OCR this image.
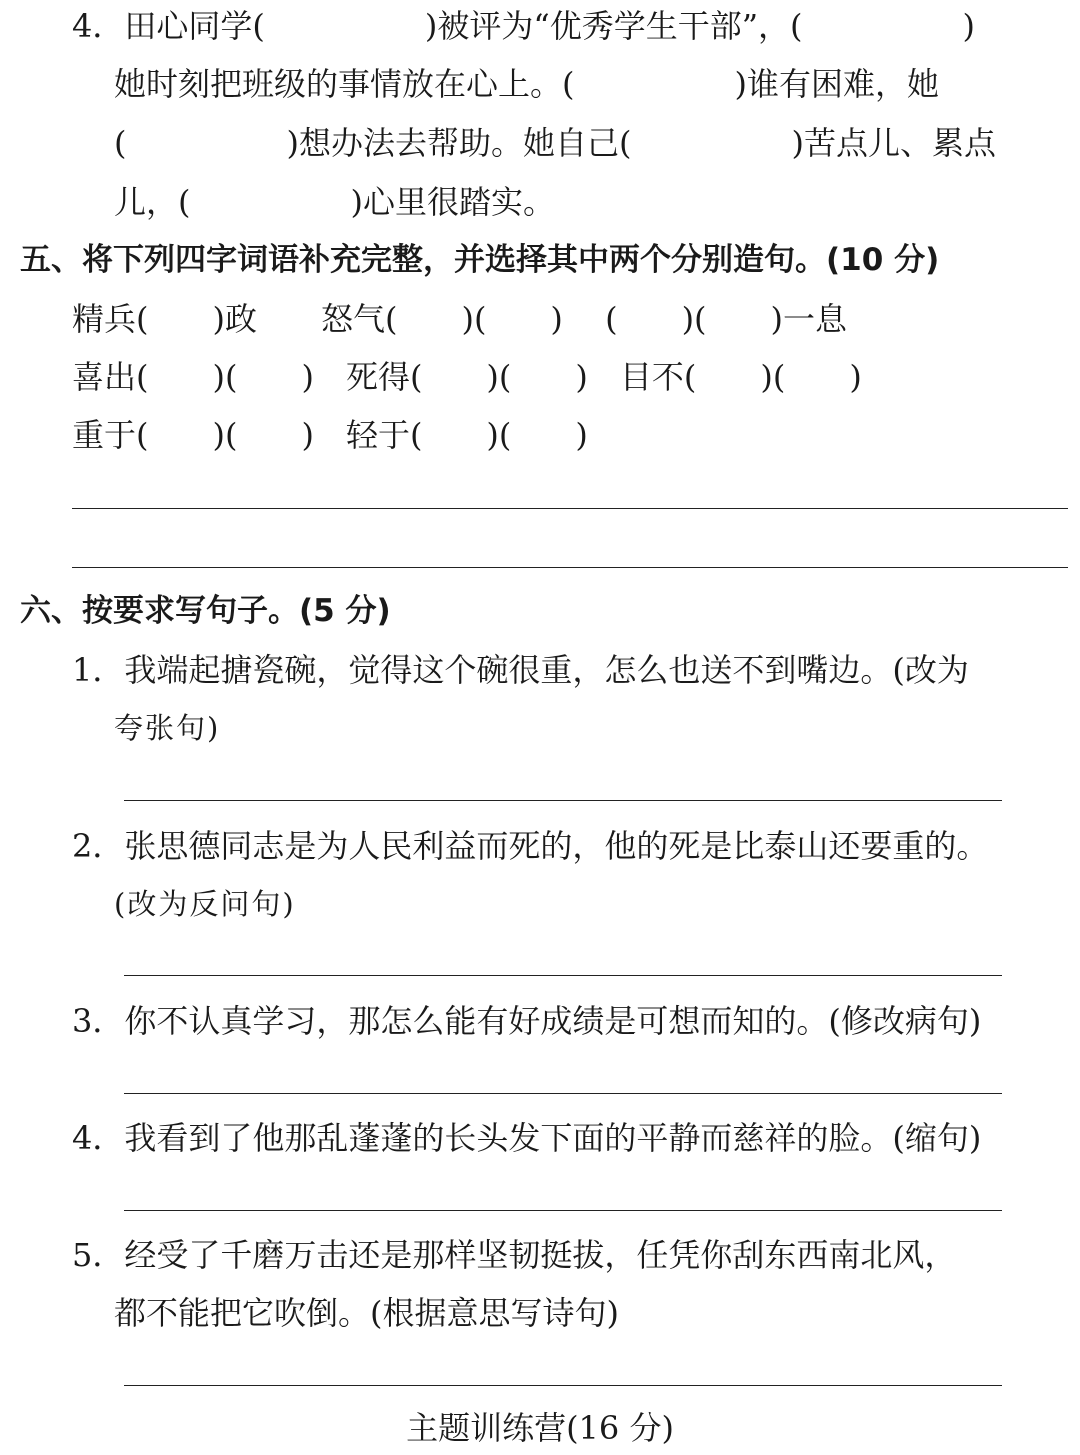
4．田心同学(　　　　　)被评为“优秀学生干部”，(　　　　　)
她时刻把班级的事情放在心上。(　　　　　)谁有困难，她
(　　　　　)想办法去帮助。她自己(　　　　　)苦点儿、累点
儿，(　　　　　)心里很踏实。
五、将下列四字词语补充完整，并选择其中两个分别造句。(10 分)
精兵(　　)政　　怒气(　　)(　　)　 (　　)(　　)一息
喜出(　　)(　　)　死得(　　)(　　)　目不(　　)(　　)
重于(　　)(　　)　轻于(　　)(　　)
六、按要求写句子。(5 分)
1．我端起搪瓷碗，觉得这个碗很重，怎么也送不到嘴边。(改为
夸张句)
2．张思德同志是为人民利益而死的，他的死是比泰山还要重的。
(改为反问句)
3．你不认真学习，那怎么能有好成绩是可想而知的。(修改病句)
4．我看到了他那乱蓬蓬的长头发下面的平静而慈祥的脸。(缩句)
5．经受了千磨万击还是那样坚韧挺拔，任凭你刮东西南北风，
都不能把它吹倒。(根据意思写诗句)
主题训练营(16 分)
